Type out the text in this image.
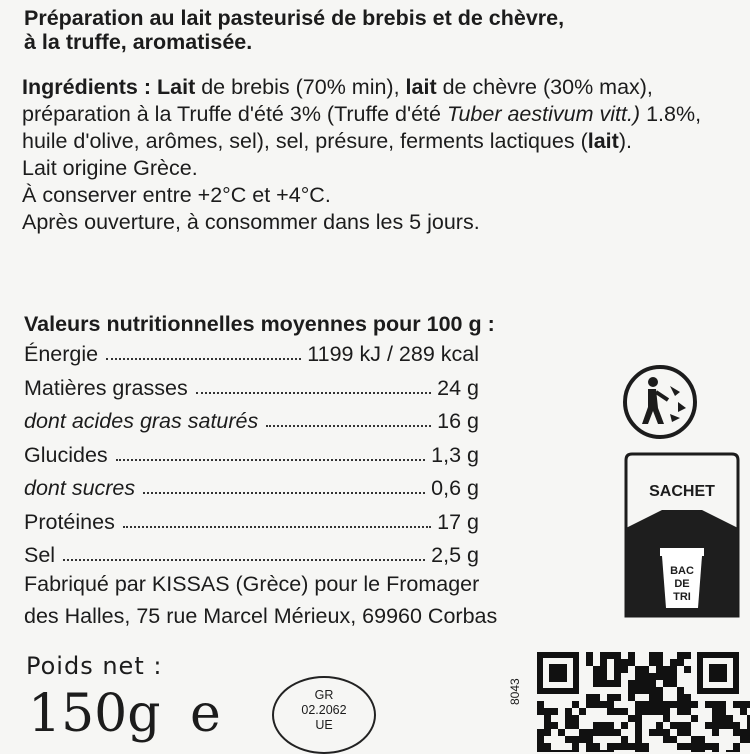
Préparation au lait pasteurisé de brebis et de chèvre,
à la truffe, aromatisée.
Ingrédients : Lait de brebis (70% min), lait de chèvre (30% max), préparation à la Truffe d'été 3% (Truffe d'été Tuber aestivum vitt.) 1.8%, huile d'olive, arômes, sel), sel, présure, ferments lactiques (lait).
Lait origine Grèce.
À conserver entre +2°C et +4°C.
Après ouverture, à consommer dans les 5 jours.
Valeurs nutritionnelles moyennes pour 100 g :
Énergie	1199 kJ / 289 kcal
Matières grasses	24 g
dont acides gras saturés	16 g
Glucides	1,3 g
dont sucres	0,6 g
Protéines	17 g
Sel	2,5 g
Fabriqué par KISSAS (Grèce) pour le Fromager
des Halles, 75 rue Marcel Mérieux, 69960 Corbas
Poids net :
150g e	GR
02.2062
UE
8043
BAC
DE
TRI
SACHET
